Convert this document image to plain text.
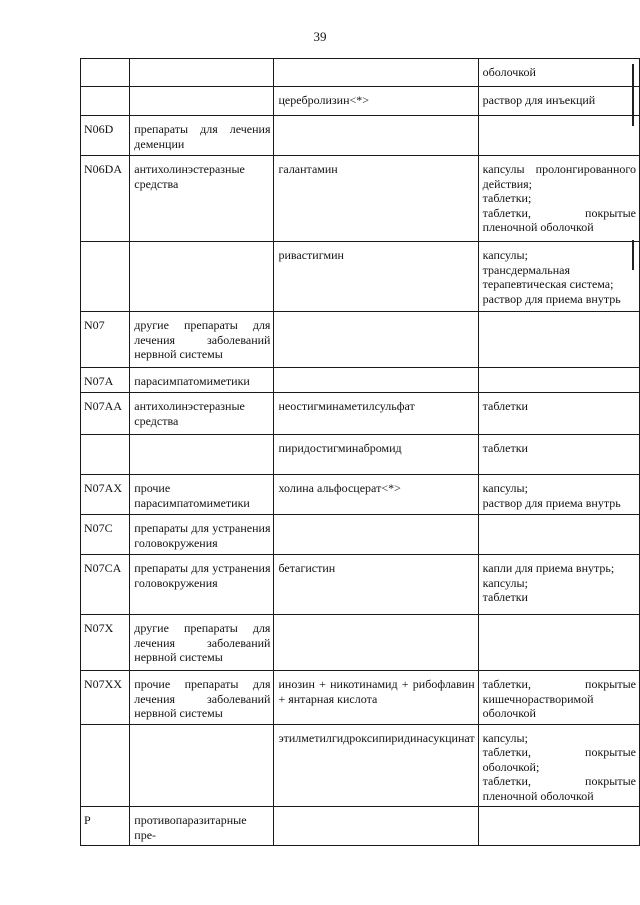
39
			оболочкой
		церебролизин<*>	раствор для инъекций
N06D	препараты для лечения деменции		
N06DA	антихолинэстеразные средства	галантамин	капсулы пролонгированного действия;
таблетки;
таблетки, покрытые пленочной оболочкой
		ривастигмин	капсулы;
трансдермальная терапевтическая система;
раствор для приема внутрь
N07	другие препараты для лечения заболеваний нервной системы		
N07A	парасимпатомиметики		
N07AA	антихолинэстеразные средства	неостигминаметилсульфат	таблетки
		пиридостигминабромид	таблетки
N07AX	прочие парасимпатомиметики	холина альфосцерат<*>	капсулы;
раствор для приема внутрь
N07C	препараты для устранения головокружения		
N07CA	препараты для устранения головокружения	бетагистин	капли для приема внутрь;
капсулы;
таблетки
N07X	другие препараты для лечения заболеваний нервной системы		
N07XX	прочие препараты для лечения заболеваний нервной системы	инозин + никотинамид + рибофлавин + янтарная кислота	таблетки, покрытые кишечнорастворимой оболочкой
		этилметилгидроксипиридинасукцинат	капсулы;
таблетки, покрытые оболочкой;
таблетки, покрытые пленочной оболочкой
P	противопаразитарные пре-		
